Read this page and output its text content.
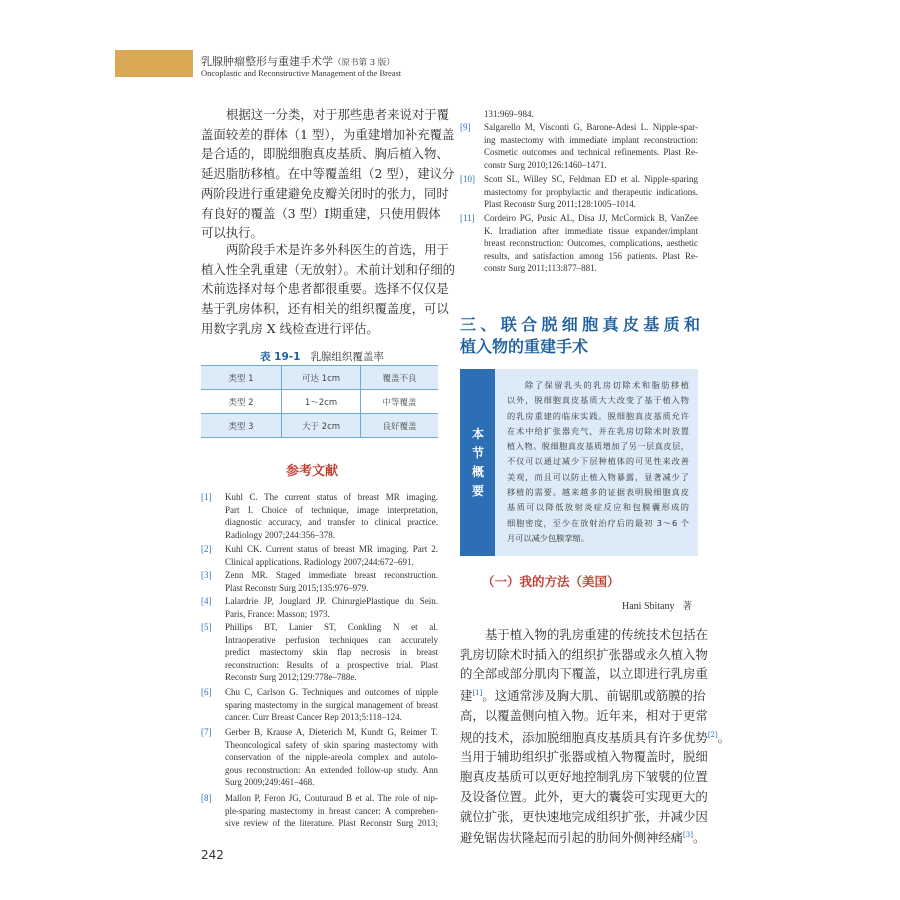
乳腺肿瘤整形与重建手术学（原书第 3 版）
Oncoplastic and Reconstructive Management of the Breast
根据这一分类，对于那些患者来说对于覆
盖面较差的群体（1 型），为重建增加补充覆盖
是合适的，即脱细胞真皮基质、胸后植入物、
延迟脂肪移植。在中等覆盖组（2 型），建议分
两阶段进行重建避免皮瓣关闭时的张力，同时
有良好的覆盖（3 型）Ⅰ期重建，只使用假体
可以执行。
两阶段手术是许多外科医生的首选，用于
植入性全乳重建（无放射）。术前计划和仔细的
术前选择对每个患者都很重要。选择不仅仅是
基于乳房体积，还有相关的组织覆盖度，可以
用数字乳房 X 线检查进行评估。
表 19-1 乳腺组织覆盖率
类型 1	可达 1cm	覆盖不良
类型 2	1～2cm	中等覆盖
类型 3	大于 2cm	良好覆盖
参考文献
[1] Kuhl C. The current status of breast MR imaging.
Part I. Choice of technique, image interpretation,
diagnostic accuracy, and transfer to clinical practice.
Radiology 2007;244:356–378.
[2] Kuhl CK. Current status of breast MR imaging. Part 2.
Clinical applications. Radiology 2007;244:672–691.
[3] Zenn MR. Staged immediate breast reconstruction.
Plast Reconstr Surg 2015;135:976–979.
[4] Lalardrie JP, Jouglard JP. ChirurgiePlastique du Sein.
Paris, France: Masson; 1973.
[5] Phillips BT, Lanier ST, Conkling N et al.
Intraoperative perfusion techniques can accurately
predict mastectomy skin flap necrosis in breast
reconstruction: Results of a prospective trial. Plast
Reconstr Surg 2012;129:778e–788e.
[6] Chu C, Carlson G. Techniques and outcomes of nipple
sparing mastectomy in the surgical management of breast
cancer. Curr Breast Cancer Rep 2013;5:118–124.
[7] Gerber B, Krause A, Dieterich M, Kundt G, Reimer T.
Theoncological safety of skin sparing mastectomy with
conservation of the nipple-areola complex and autolo-
gous reconstruction: An extended follow-up study. Ann
Surg 2009;249:461–468.
[8] Mallon P, Feron JG, Couturaud B et al. The role of nip-
ple-sparing mastectomy in breast cancer: A comprehen-
sive review of the literature. Plast Reconstr Surg 2013;
131:969–984.
[9] Salgarello M, Visconti G, Barone-Adesi L. Nipple-spar-
ing mastectomy with immediate implant reconstruction:
Cosmetic outcomes and technical refinements. Plast Re-
constr Surg 2010;126:1460–1471.
[10] Scott SL, Willey SC, Feldman ED et al. Nipple-sparing
mastectomy for prophylactic and therapeutic indications.
Plast Reconstr Surg 2011;128:1005–1014.
[11] Cordeiro PG, Pusic AL, Disa JJ, McCormick B, VanZee
K. Irradiation after immediate tissue expander/implant
breast reconstruction: Outcomes, complications, aesthetic
results, and satisfaction among 156 patients. Plast Re-
constr Surg 2011;113:877–881.
三、联合脱细胞真皮基质和
植入物的重建手术
本
节
概
要
除了保留乳头的乳房切除术和脂肪移植
以外，脱细胞真皮基质大大改变了基于植入物
的乳房重建的临床实践。脱细胞真皮基质允许
在术中给扩张器充气，并在乳房切除术时放置
植入物。脱细胞真皮基质增加了另一层真皮层，
不仅可以通过减少下层种植体的可见性来改善
美观，而且可以防止植入物暴露，显著减少了
移植的需要。越来越多的证据表明脱细胞真皮
基质可以降低放射炎症反应和包膜囊形成的
细胞密度，至少在放射治疗后的最初 3～6 个
月可以减少包膜挛缩。
（一）我的方法（美国）
Hani Sbitany 著
基于植入物的乳房重建的传统技术包括在
乳房切除术时插入的组织扩张器或永久植入物
的全部或部分肌肉下覆盖，以立即进行乳房重
建[1]。这通常涉及胸大肌、前锯肌或筋膜的抬
高，以覆盖侧向植入物。近年来，相对于更常
规的技术，添加脱细胞真皮基质具有许多优势[2]。
当用于辅助组织扩张器或植入物覆盖时，脱细
胞真皮基质可以更好地控制乳房下皱襞的位置
及设备位置。此外，更大的囊袋可实现更大的
就位扩张，更快速地完成组织扩张，并减少因
避免锯齿状隆起而引起的肋间外侧神经痛[3]。
242
